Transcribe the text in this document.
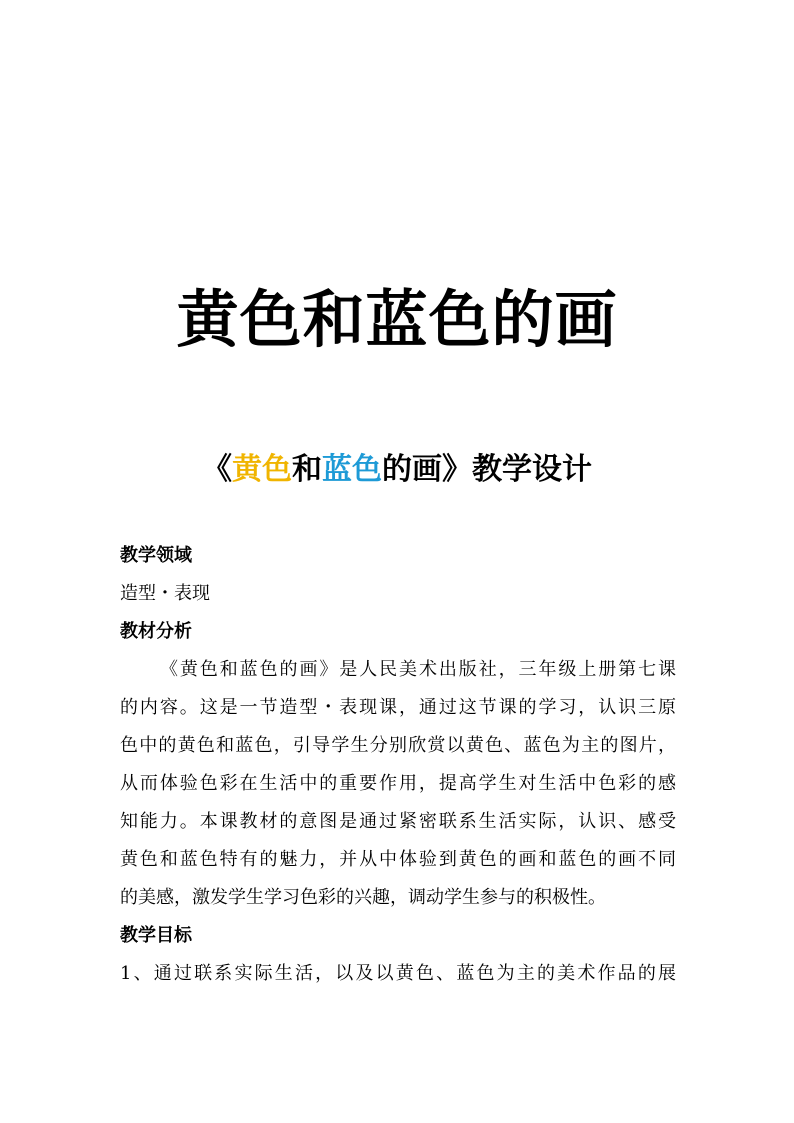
黄色和蓝色的画
《黄色和蓝色的画》教学设计

教学领域

造型・表现

教材分析

《黄色和蓝色的画》是人民美术出版社，三年级上册第七课

的内容。这是一节造型・表现课，通过这节课的学习，认识三原

色中的黄色和蓝色，引导学生分别欣赏以黄色、蓝色为主的图片，

从而体验色彩在生活中的重要作用，提高学生对生活中色彩的感

知能力。本课教材的意图是通过紧密联系生活实际，认识、感受

黄色和蓝色特有的魅力，并从中体验到黄色的画和蓝色的画不同

的美感，激发学生学习色彩的兴趣，调动学生参与的积极性。

教学目标

1、通过联系实际生活，以及以黄色、蓝色为主的美术作品的展
